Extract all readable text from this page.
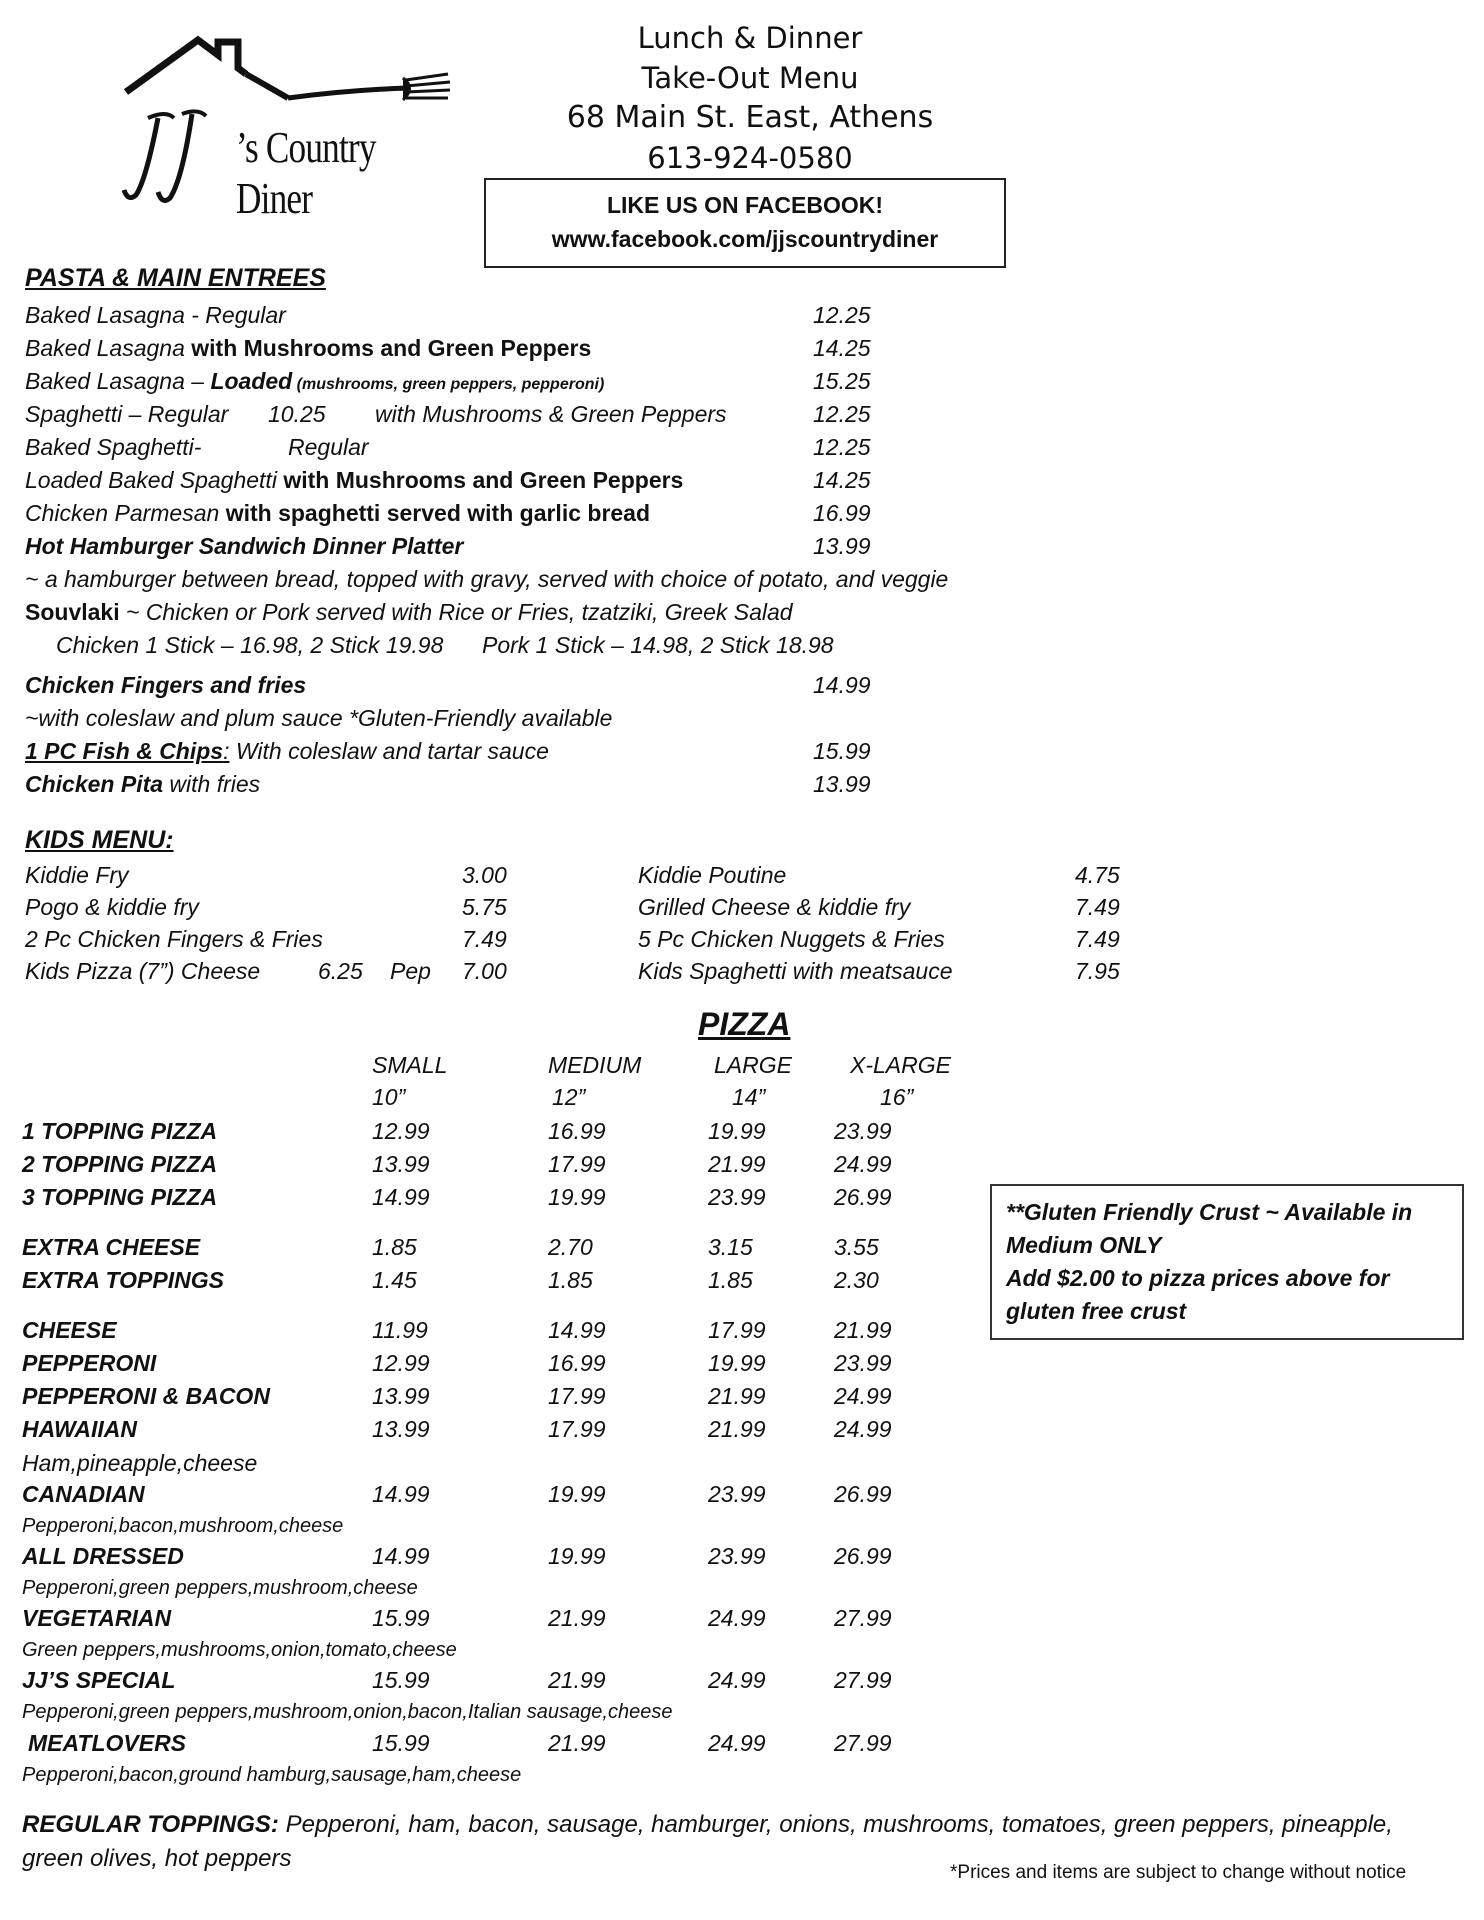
’s Country Diner
Lunch & Dinner
Take-Out Menu
68 Main St. East, Athens
613-924-0580
LIKE US ON FACEBOOK!
www.facebook.com/jjscountrydiner
PASTA & MAIN ENTREES
Baked Lasagna - Regular	12.25
Baked Lasagna with Mushrooms and Green Peppers	14.25
Baked Lasagna – Loaded (mushrooms, green peppers, pepperoni)	15.25
Spaghetti – Regular 10.25 with Mushrooms & Green Peppers	12.25
Baked Spaghetti-	Regular	12.25
Loaded Baked Spaghetti with Mushrooms and Green Peppers	14.25
Chicken Parmesan with spaghetti served with garlic bread	16.99
Hot Hamburger Sandwich Dinner Platter	13.99
~ a hamburger between bread, topped with gravy, served with choice of potato, and veggie
Souvlaki ~ Chicken or Pork served with Rice or Fries, tzatziki, Greek Salad
Chicken 1 Stick – 16.98, 2 Stick 19.98 Pork 1 Stick – 14.98, 2 Stick 18.98
Chicken Fingers and fries	14.99
~with coleslaw and plum sauce *Gluten-Friendly available
1 PC Fish & Chips: With coleslaw and tartar sauce	15.99
Chicken Pita with fries	13.99
KIDS MENU:
Kiddie Fry	3.00	Kiddie Poutine	4.75
Pogo & kiddie fry	5.75	Grilled Cheese & kiddie fry	7.49
2 Pc Chicken Fingers & Fries	7.49	5 Pc Chicken Nuggets & Fries	7.49
Kids Pizza (7”) Cheese	6.25 Pep 7.00	Kids Spaghetti with meatsauce	7.95
PIZZA
SMALL	MEDIUM	LARGE	X-LARGE
10”	12”	14”	16”
1 TOPPING PIZZA	12.99	16.99	19.99	23.99
2 TOPPING PIZZA	13.99	17.99	21.99	24.99
3 TOPPING PIZZA	14.99	19.99	23.99	26.99
EXTRA CHEESE	1.85	2.70	3.15	3.55
EXTRA TOPPINGS	1.45	1.85	1.85	2.30
CHEESE	11.99	14.99	17.99	21.99
PEPPERONI	12.99	16.99	19.99	23.99
PEPPERONI & BACON	13.99	17.99	21.99	24.99
HAWAIIAN	13.99	17.99	21.99	24.99
Ham,pineapple,cheese
CANADIAN	14.99	19.99	23.99	26.99
Pepperoni,bacon,mushroom,cheese
ALL DRESSED	14.99	19.99	23.99	26.99
Pepperoni,green peppers,mushroom,cheese
VEGETARIAN	15.99	21.99	24.99	27.99
Green peppers,mushrooms,onion,tomato,cheese
JJ’S SPECIAL	15.99	21.99	24.99	27.99
Pepperoni,green peppers,mushroom,onion,bacon,Italian sausage,cheese
MEATLOVERS	15.99	21.99	24.99	27.99
Pepperoni,bacon,ground hamburg,sausage,ham,cheese
**Gluten Friendly Crust ~ Available in
Medium ONLY
Add $2.00 to pizza prices above for
gluten free crust
REGULAR TOPPINGS: Pepperoni, ham, bacon, sausage, hamburger, onions, mushrooms, tomatoes, green peppers, pineapple, green olives, hot peppers
*Prices and items are subject to change without notice
